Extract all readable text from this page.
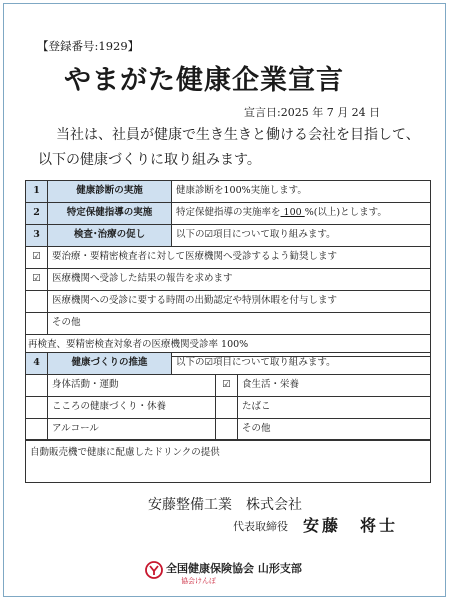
【登録番号:1929】
やまがた健康企業宣言
宣言日:2025 年 7 月 24 日
当社は、社員が健康で生き生きと働ける会社を目指して、
以下の健康づくりに取り組みます。
1	健康診断の実施	健康診断を100%実施します。
2	特定保健指導の実施	特定保健指導の実施率を 100 %(以上)とします。
3	検査･治療の促し	以下の☑項目について取り組みます。
☑	要治療・要精密検査者に対して医療機関へ受診するよう勧奨します	
☑	医療機関へ受診した結果の報告を求めます	
	医療機関への受診に要する時間の出勤認定や特別休暇を付与します	
	その他	
再検査、要精密検査対象者の医療機関受診率 100%		
4	健康づくりの推進	以下の☑項目について取り組みます。		
	身体活動・運動		☑	食生活・栄養
	こころの健康づくり・休養			たばこ
	アルコール			その他
自動販売機で健康に配慮したドリンクの提供
安藤整備工業　株式会社
代表取締役 安藤　将士
全国健康保険協会 山形支部
協会けんぽ
